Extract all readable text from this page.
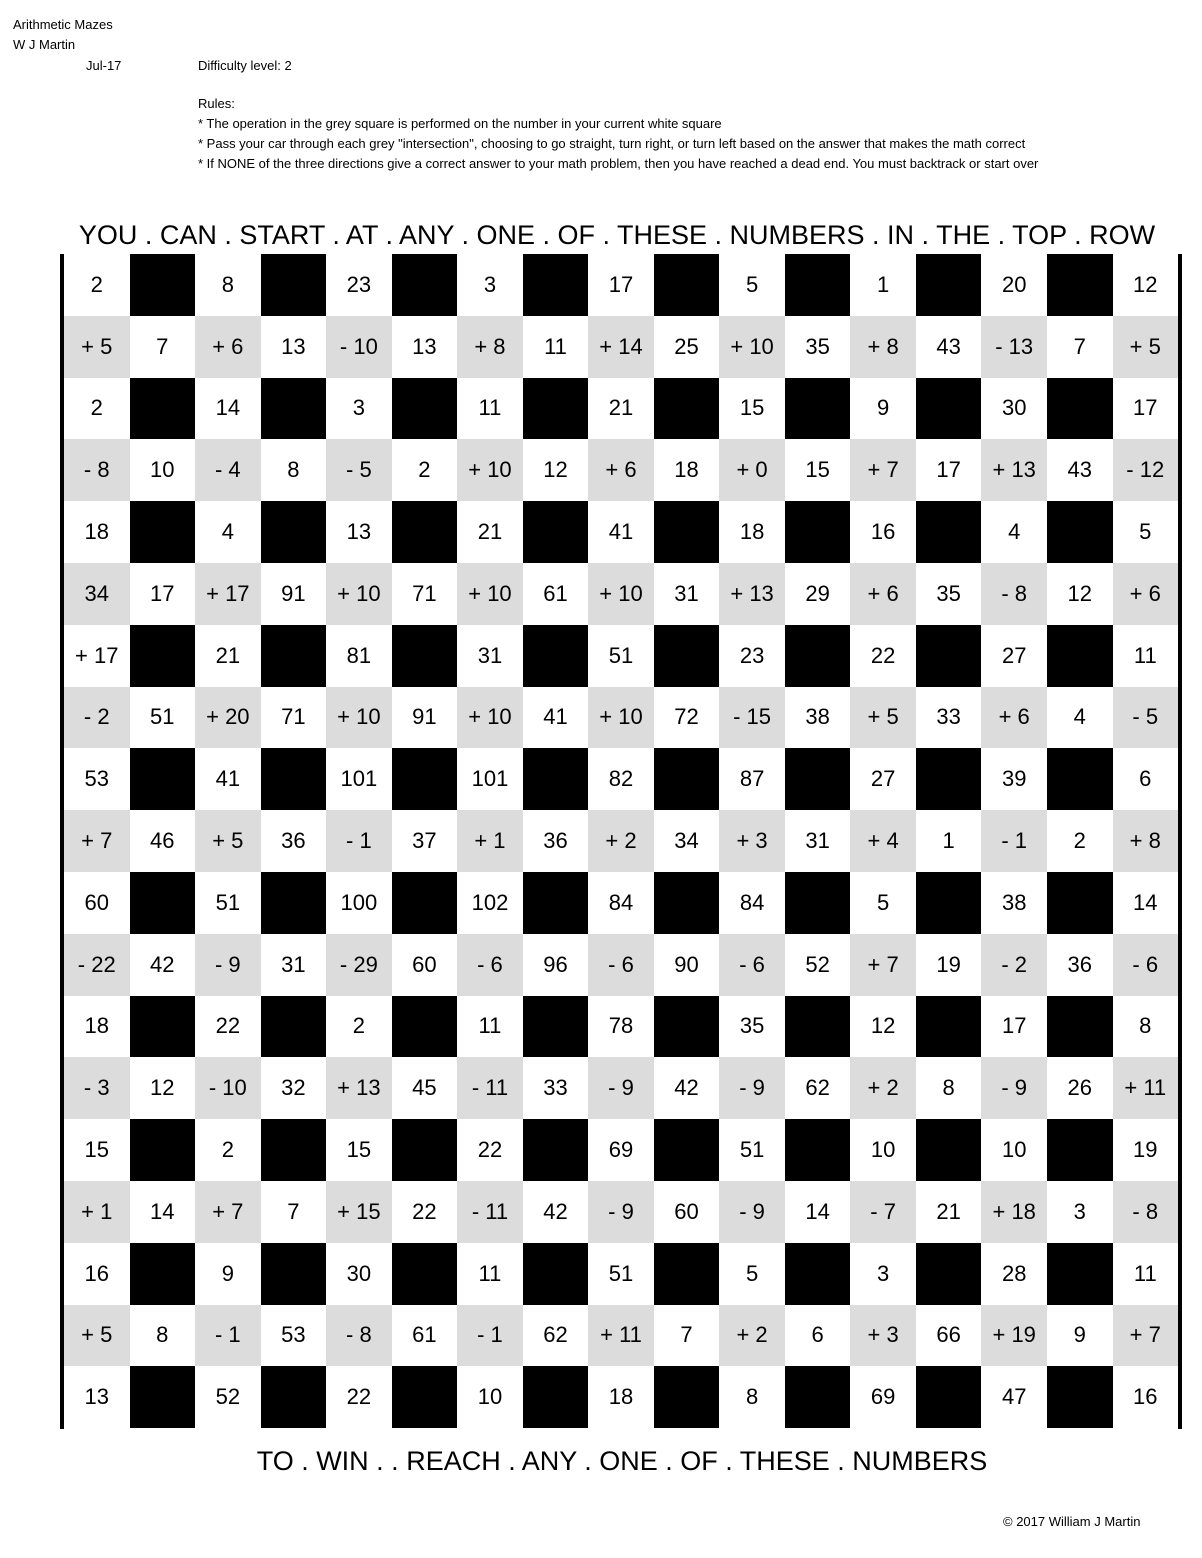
Arithmetic Mazes
W J Martin
Jul-17	Difficulty level: 2
Rules:
* The operation in the grey square is performed on the number in your current white square
* Pass your car through each grey "intersection", choosing to go straight, turn right, or turn left based on the answer that makes the math correct
* If NONE of the three directions give a correct answer to your math problem, then you have reached a dead end. You must backtrack or start over
YOU . CAN . START . AT . ANY . ONE . OF . THESE . NUMBERS . IN . THE . TOP . ROW
2	8	23	3	17	5	1	20	12
+ 5	7	+ 6	13	- 10	13	+ 8	11	+ 14	25	+ 10	35	+ 8	43	- 13	7	+ 5
2	14	3	11	21	15	9	30	17
- 8	10	- 4	8	- 5	2	+ 10	12	+ 6	18	+ 0	15	+ 7	17	+ 13	43	- 12
18	4	13	21	41	18	16	4	5
34	17	+ 17	91	+ 10	71	+ 10	61	+ 10	31	+ 13	29	+ 6	35	- 8	12	+ 6
+ 17	21	81	31	51	23	22	27	11
- 2	51	+ 20	71	+ 10	91	+ 10	41	+ 10	72	- 15	38	+ 5	33	+ 6	4	- 5
53	41	101	101	82	87	27	39	6
+ 7	46	+ 5	36	- 1	37	+ 1	36	+ 2	34	+ 3	31	+ 4	1	- 1	2	+ 8
60	51	100	102	84	84	5	38	14
- 22	42	- 9	31	- 29	60	- 6	96	- 6	90	- 6	52	+ 7	19	- 2	36	- 6
18	22	2	11	78	35	12	17	8
- 3	12	- 10	32	+ 13	45	- 11	33	- 9	42	- 9	62	+ 2	8	- 9	26	+ 11
15	2	15	22	69	51	10	10	19
+ 1	14	+ 7	7	+ 15	22	- 11	42	- 9	60	- 9	14	- 7	21	+ 18	3	- 8
16	9	30	11	51	5	3	28	11
+ 5	8	- 1	53	- 8	61	- 1	62	+ 11	7	+ 2	6	+ 3	66	+ 19	9	+ 7
13	52	22	10	18	8	69	47	16
TO . WIN . . REACH . ANY . ONE . OF . THESE . NUMBERS
© 2017 William J Martin
